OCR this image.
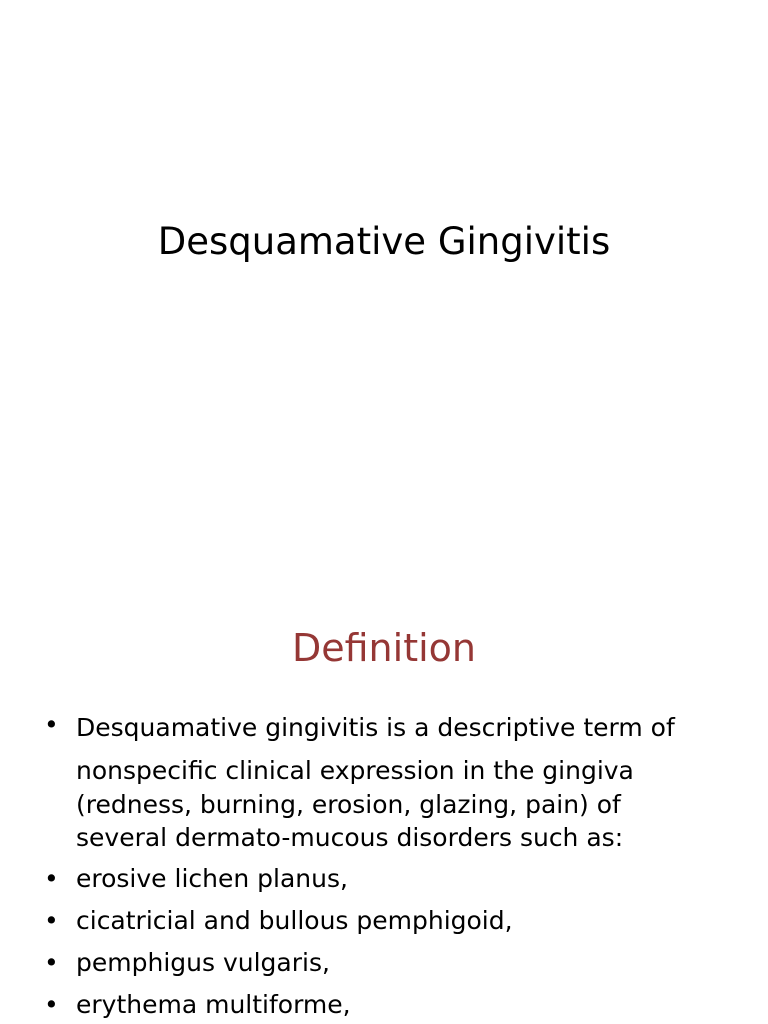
Desquamative Gingivitis
Definition
• Desquamative gingivitis is a descriptive term of
nonspecific clinical expression in the gingiva
(redness, burning, erosion, glazing, pain) of
several dermato-mucous disorders such as:
• erosive lichen planus,
• cicatricial and bullous pemphigoid,
• pemphigus vulgaris,
• erythema multiforme,
